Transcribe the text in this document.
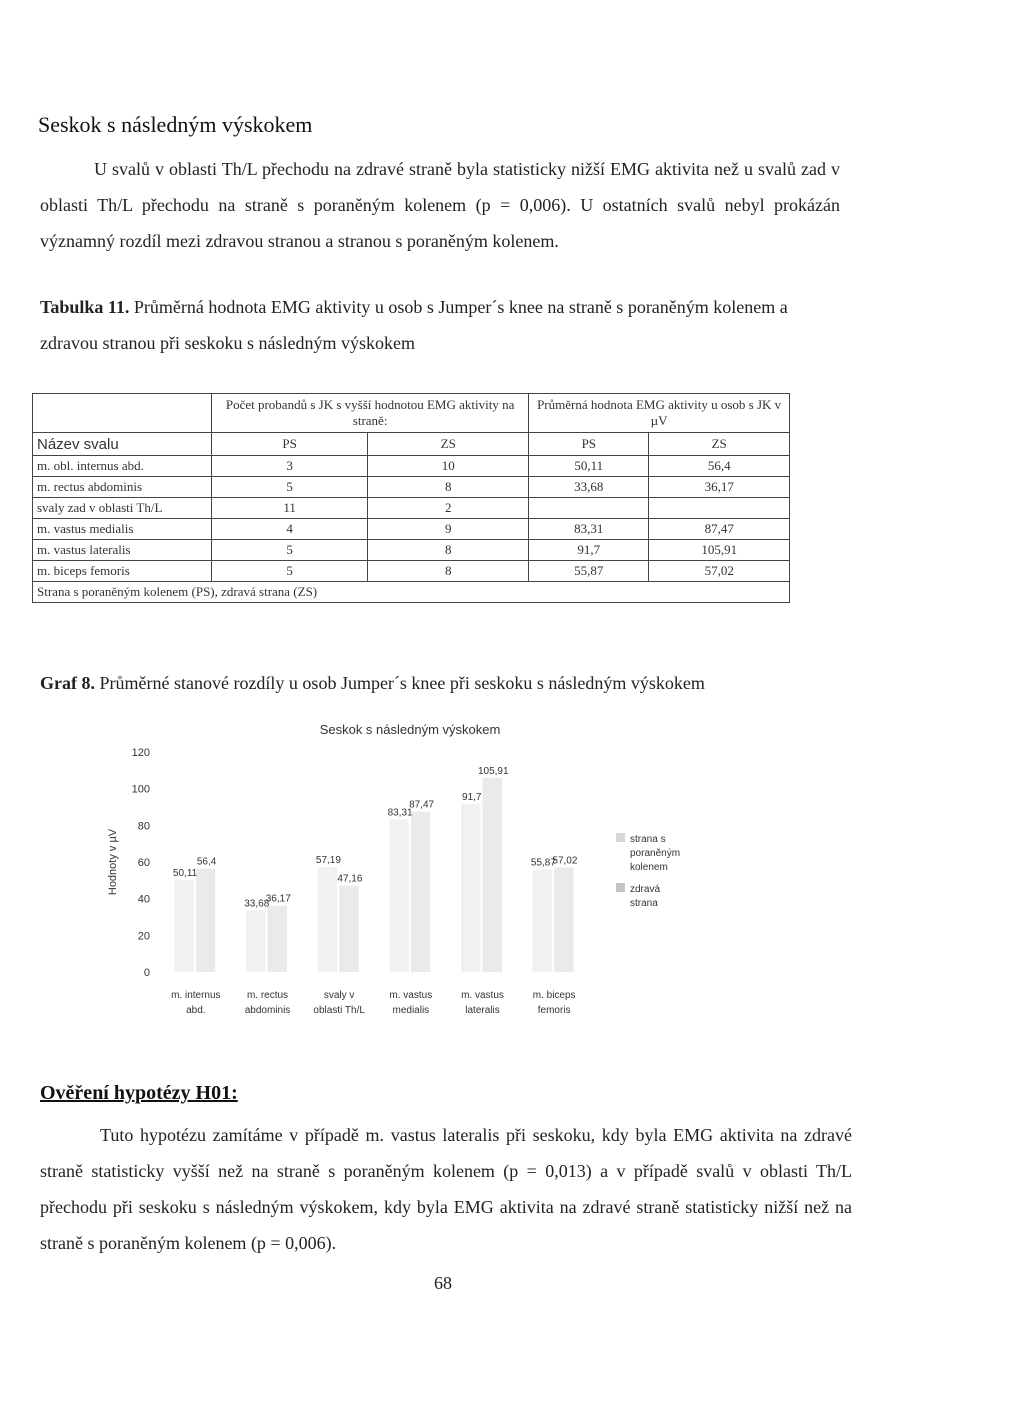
Seskok s následným výskokem
U svalů v oblasti Th/L přechodu na zdravé straně byla statisticky nižší EMG aktivita než u svalů zad v oblasti Th/L přechodu na straně s poraněným kolenem (p = 0,006). U ostatních svalů nebyl prokázán významný rozdíl mezi zdravou stranou a stranou s poraněným kolenem.
Tabulka 11. Průměrná hodnota EMG aktivity u osob s Jumper´s knee na straně s poraněným kolenem a zdravou stranou při seskoku s následným výskokem
	Počet probandů s JK s vyšší hodnotou EMG aktivity na straně:		Průměrná hodnota EMG aktivity u osob s JK v µV	
Název svalu	PS	ZS	PS	ZS
m. obl. internus abd.	3	10	50,11	56,4
m. rectus abdominis	5	8	33,68	36,17
svaly zad v oblasti Th/L	11	2		
m. vastus medialis	4	9	83,31	87,47
m. vastus lateralis	5	8	91,7	105,91
m. biceps femoris	5	8	55,87	57,02
Strana s poraněným kolenem (PS), zdravá strana (ZS)				
Graf 8. Průměrné stanové rozdíly u osob Jumper´s knee při seskoku s následným výskokem
Seskok s následným výskokem
0
20
40
60
80
100
120
Hodnoty v µV	50,11
56,4
m. internus
abd.
33,68
36,17
m. rectus
abdominis
57,19
47,16
svaly v
oblasti Th/L
83,31
87,47
m. vastus
medialis
91,7
105,91
m. vastus
lateralis
55,87
57,02
m. biceps
femoris
strana s poraněným kolenem
zdravá strana
Ověření hypotézy H01:
Tuto hypotézu zamítáme v případě m. vastus lateralis při seskoku, kdy byla EMG aktivita na zdravé straně statisticky vyšší než na straně s poraněným kolenem (p = 0,013) a v případě svalů v oblasti Th/L přechodu při seskoku s následným výskokem, kdy byla EMG aktivita na zdravé straně statisticky nižší než na straně s poraněným kolenem (p = 0,006).
68
